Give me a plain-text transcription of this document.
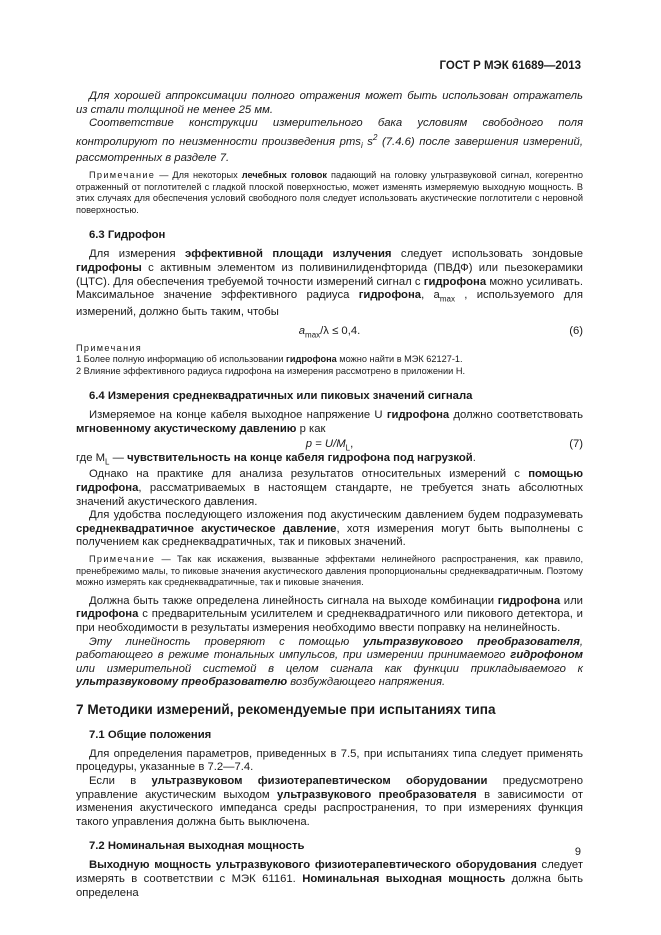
ГОСТ Р МЭК 61689—2013

Для хорошей аппроксимации полного отражения может быть использован отражатель из стали толщиной не менее 25 мм.

Соответствие конструкции измерительного бака условиям свободного поля контролируют по неизменности произведения pms$_i$ $s^2$ (7.4.6) после завершения измерений, рассмотренных в разделе 7.

Примечание — Для некоторых лечебных головок падающий на головку ультразвуковой сигнал, когерентно отраженный от поглотителей с гладкой плоской поверхностью, может изменять измеряемую выходную мощность. В этих случаях для обеспечения условий свободного поля следует использовать акустические поглотители с неровной поверхностью.

6.3 Гидрофон

Для измерения эффективной площади излучения следует использовать зондовые гидрофоны с активным элементом из поливинилиденфторида (ПВДФ) или пьезокерамики (ЦТС). Для обеспечения требуемой точности измерений сигнал с гидрофона можно усиливать. Максимальное значение эффективного радиуса гидрофона, $a_{max}$ , используемого для измерений, должно быть таким, чтобы

$a_{max}/\lambda \le 0,4$.	(6)

Примечания

1 Более полную информацию об использовании гидрофона можно найти в МЭК 62127-1.

2 Влияние эффективного радиуса гидрофона на измерения рассмотрено в приложении Н.

6.4 Измерения среднеквадратичных или пиковых значений сигнала

Измеряемое на конце кабеля выходное напряжение U гидрофона должно соответствовать мгновенному акустическому давлению p как

$p = U/M_L$,	(7)

где $M_L$ — чувствительность на конце кабеля гидрофона под нагрузкой.

Однако на практике для анализа результатов относительных измерений с помощью гидрофона, рассматриваемых в настоящем стандарте, не требуется знать абсолютных значений акустического давления.

Для удобства последующего изложения под акустическим давлением будем подразумевать среднеквадратичное акустическое давление, хотя измерения могут быть выполнены с получением как среднеквадратичных, так и пиковых значений.

Примечание — Так как искажения, вызванные эффектами нелинейного распространения, как правило, пренебрежимо малы, то пиковые значения акустического давления пропорциональны среднеквадратичным. Поэтому можно измерять как среднеквадратичные, так и пиковые значения.

Должна быть также определена линейность сигнала на выходе комбинации гидрофона или гидрофона с предварительным усилителем и среднеквадратичного или пикового детектора, и при необходимости в результаты измерения необходимо ввести поправку на нелинейность.

Эту линейность проверяют с помощью ультразвукового преобразователя, работающего в режиме тональных импульсов, при измерении принимаемого гидрофоном или измерительной системой в целом сигнала как функции прикладываемого к ультразвуковому преобразователю возбуждающего напряжения.

7 Методики измерений, рекомендуемые при испытаниях типа

7.1 Общие положения

Для определения параметров, приведенных в 7.5, при испытаниях типа следует применять процедуры, указанные в 7.2—7.4.

Если в ультразвуковом физиотерапевтическом оборудовании предусмотрено управление акустическим выходом ультразвукового преобразователя в зависимости от изменения акустического импеданса среды распространения, то при измерениях функция такого управления должна быть выключена.

7.2 Номинальная выходная мощность

Выходную мощность ультразвукового физиотерапевтического оборудования следует измерять в соответствии с МЭК 61161. Номинальная выходная мощность должна быть определена

9
